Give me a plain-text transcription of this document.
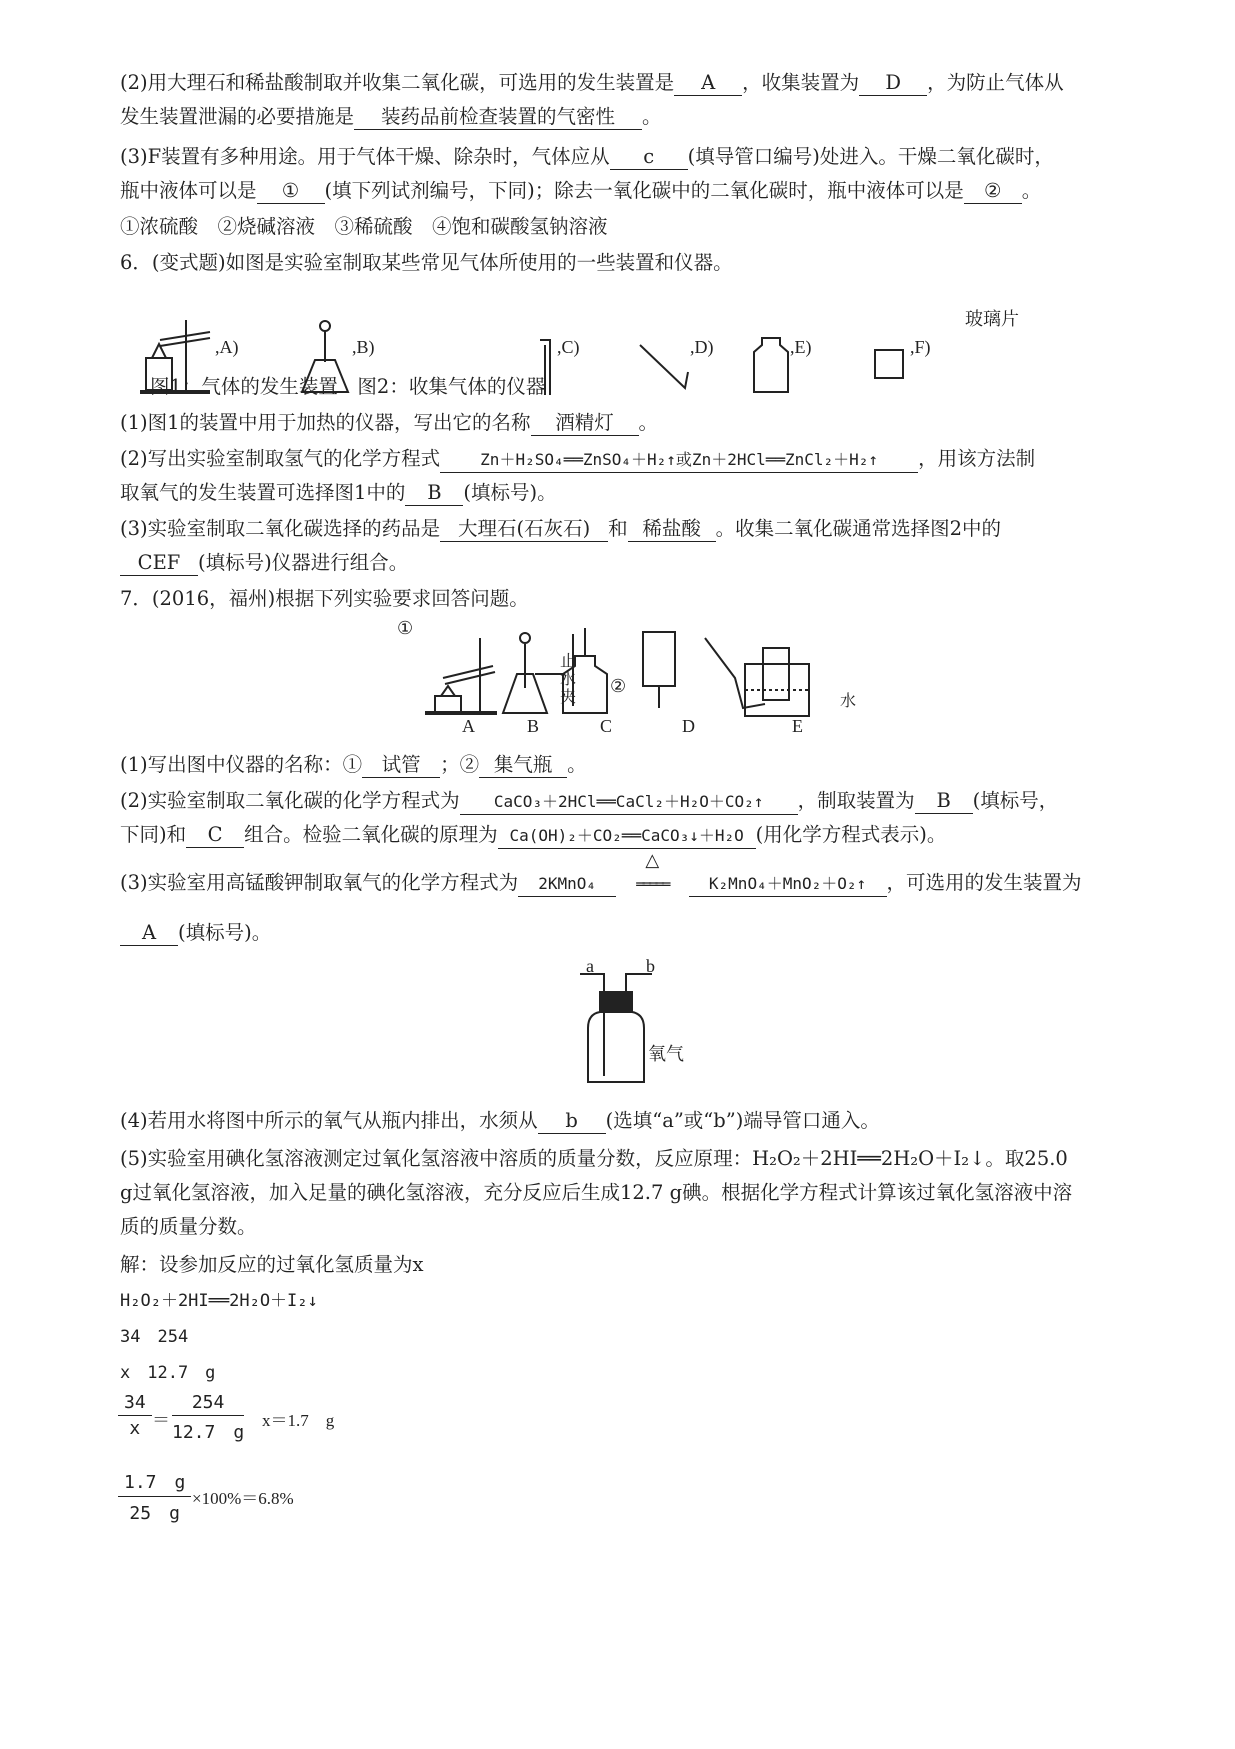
(2)用大理石和稀盐酸制取并收集二氧化碳，可选用的发生装置是 A ，收集装置为 D ，为防止气体从
发生装置泄漏的必要措施是 装药品前检查装置的气密性 。
(3)F装置有多种用途。用于气体干燥、除杂时，气体应从 c (填导管口编号)处进入。干燥二氧化碳时，
瓶中液体可以是 ① (填下列试剂编号，下同)；除去一氧化碳中的二氧化碳时，瓶中液体可以是 ② 。
①浓硫酸　②烧碱溶液　③稀硫酸　④饱和碳酸氢钠溶液
6．(变式题)如图是实验室制取某些常见气体所使用的一些装置和仪器。
,A)	,B)	,C)	,D)	,E)
玻璃片
,F)
图1：气体的发生装置　图2：收集气体的仪器
(1)图1的装置中用于加热的仪器，写出它的名称 酒精灯 。
(2)写出实验室制取氢气的化学方程式	Zn＋H₂SO₄══ZnSO₄＋H₂↑或Zn＋2HCl══ZnCl₂＋H₂↑ ，用该方法制
取氧气的发生装置可选择图1中的 B (填标号)。
(3)实验室制取二氧化碳选择的药品是 大理石(石灰石) 和 稀盐酸 。收集二氧化碳通常选择图2中的
CEF (填标号)仪器进行组合。
7．(2016，福州)根据下列实验要求回答问题。
①
②
止
水
夹	水
A	B	C	D	E
(1)写出图中仪器的名称：① 试管 ；② 集气瓶 。
(2)实验室制取二氧化碳的化学方程式为 CaCO₃＋2HCl══CaCl₂＋H₂O＋CO₂↑ ，制取装置为 B (填标号，
下同)和 C 组合。检验二氧化碳的原理为 Ca(OH)₂＋CO₂══CaCO₃↓＋H₂O (用化学方程式表示)。
(3)实验室用高锰酸钾制取氧气的化学方程式为 2KMnO₄
△
═════	K₂MnO₄＋MnO₂＋O₂↑ ，可选用的发生装置为
A (填标号)。
a	b
氧气
(4)若用水将图中所示的氧气从瓶内排出，水须从 b (选填“a”或“b”)端导管口通入。
(5)实验室用碘化氢溶液测定过氧化氢溶液中溶质的质量分数，反应原理：H₂O₂＋2HI══2H₂O＋I₂↓。取25.0
g过氧化氢溶液，加入足量的碘化氢溶液，充分反应后生成12.7 g碘。根据化学方程式计算该过氧化氢溶液中溶
质的质量分数。
解：设参加反应的过氧化氢质量为x
H₂O₂＋2HI══2H₂O＋I₂↓
34　254
x　12.7　g
$\frac{34}{x} = \frac{254}{12.7 g} x=1.7$　g
$\frac{1.7 g}{25 g} \times 100\%=6.8\%$
